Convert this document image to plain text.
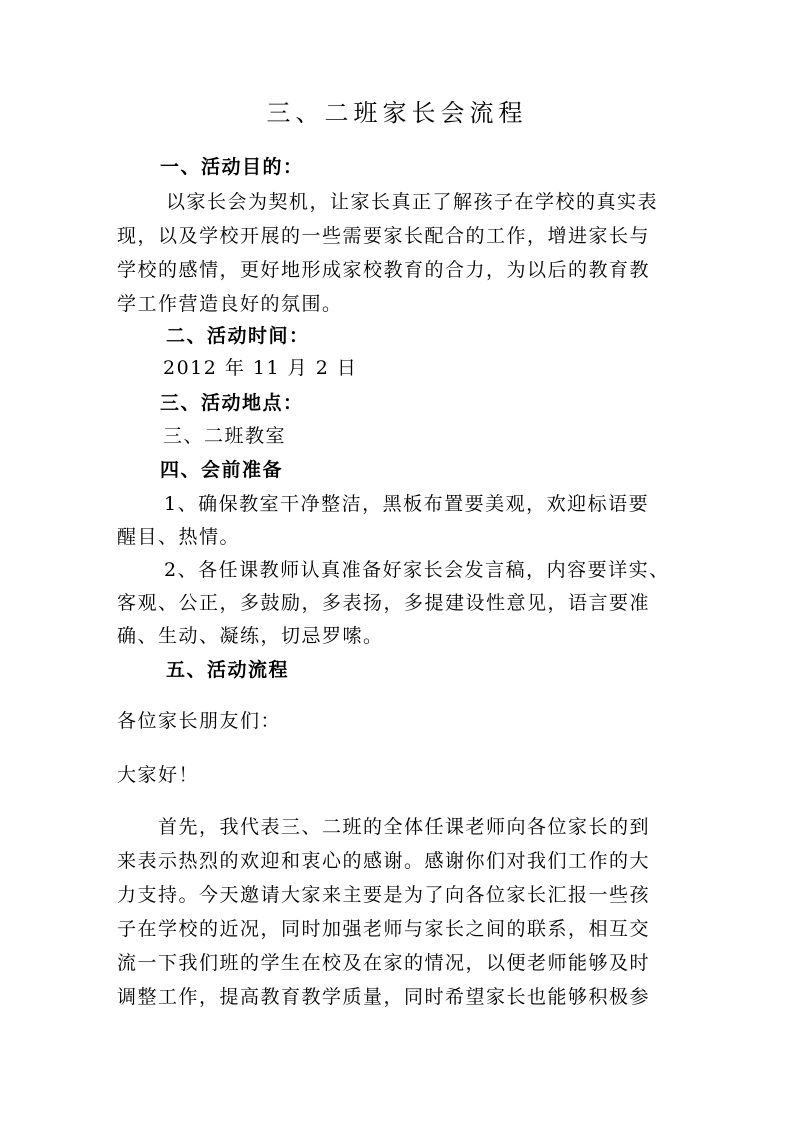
三、二班家长会流程
一、活动目的：
以家长会为契机，让家长真正了解孩子在学校的真实表
现，以及学校开展的一些需要家长配合的工作，增进家长与
学校的感情，更好地形成家校教育的合力，为以后的教育教
学工作营造良好的氛围。
二、活动时间：
2012 年 11 月 2 日
三、活动地点：
三、二班教室
四、会前准备
1、确保教室干净整洁，黑板布置要美观，欢迎标语要
醒目、热情。
2、各任课教师认真准备好家长会发言稿，内容要详实、
客观、公正，多鼓励，多表扬，多提建设性意见，语言要准
确、生动、凝练，切忌罗嗦。
五、活动流程
各位家长朋友们：
大家好！
首先，我代表三、二班的全体任课老师向各位家长的到
来表示热烈的欢迎和衷心的感谢。感谢你们对我们工作的大
力支持。今天邀请大家来主要是为了向各位家长汇报一些孩
子在学校的近况，同时加强老师与家长之间的联系，相互交
流一下我们班的学生在校及在家的情况，以便老师能够及时
调整工作，提高教育教学质量，同时希望家长也能够积极参
